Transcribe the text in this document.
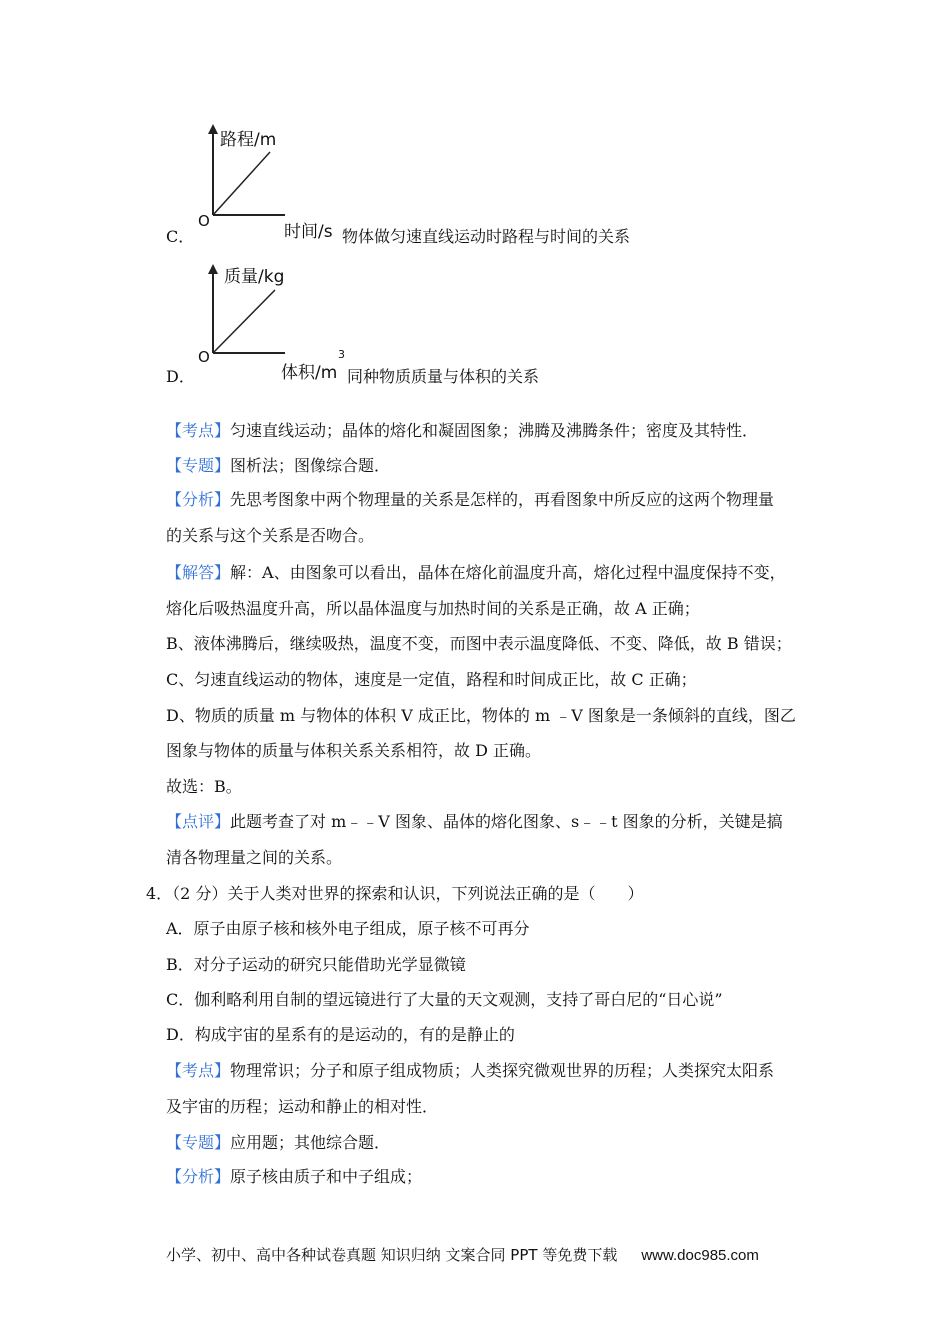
路程/m
O
时间/s
C．	物体做匀速直线运动时路程与时间的关系
质量/kg
O
体积/m
3
D．	同种物质质量与体积的关系
【考点】匀速直线运动；晶体的熔化和凝固图象；沸腾及沸腾条件；密度及其特性．
【专题】图析法；图像综合题．
【分析】先思考图象中两个物理量的关系是怎样的，再看图象中所反应的这两个物理量
的关系与这个关系是否吻合。
【解答】解：A、由图象可以看出，晶体在熔化前温度升高，熔化过程中温度保持不变，
熔化后吸热温度升高，所以晶体温度与加热时间的关系是正确，故 A 正确；
B、液体沸腾后，继续吸热，温度不变，而图中表示温度降低、不变、降低，故 B 错误；
C、匀速直线运动的物体，速度是一定值，路程和时间成正比，故 C 正确；
D、物质的质量 m 与物体的体积 V 成正比，物体的 m ﹣V 图象是一条倾斜的直线，图乙
图象与物体的质量与体积关系关系相符，故 D 正确。
故选：B。
【点评】此题考查了对 m﹣﹣V 图象、晶体的熔化图象、s﹣﹣t 图象的分析，关键是搞
清各物理量之间的关系。
4．（2 分）关于人类对世界的探索和认识，下列说法正确的是（　　）
A．原子由原子核和核外电子组成，原子核不可再分
B．对分子运动的研究只能借助光学显微镜
C．伽利略利用自制的望远镜进行了大量的天文观测，支持了哥白尼的“日心说”
D．构成宇宙的星系有的是运动的，有的是静止的
【考点】物理常识；分子和原子组成物质；人类探究微观世界的历程；人类探究太阳系
及宇宙的历程；运动和静止的相对性．
【专题】应用题；其他综合题．
【分析】原子核由质子和中子组成；
小学、初中、高中各种试卷真题 知识归纳 文案合同 PPT 等免费下载 www.doc985.com
